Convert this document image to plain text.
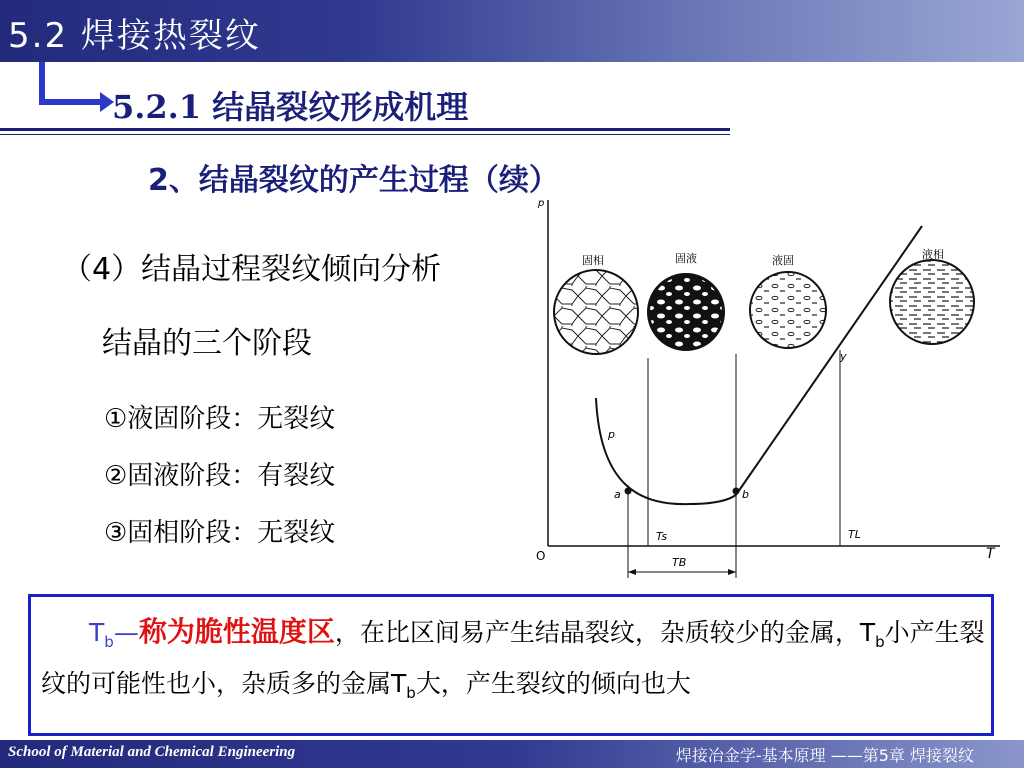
5.2 焊接热裂纹
5.2.1 结晶裂纹形成机理
2、结晶裂纹的产生过程（续）
（4）结晶过程裂纹倾向分析
结晶的三个阶段
①液固阶段：无裂纹
②固液阶段：有裂纹
③固相阶段：无裂纹
p
T
O
固相	固液	液固	液相
p
y
a	b
Ts	TL
TB
$T_b—$称为脆性温度区，在比区间易产生结晶裂纹，杂质较少的金属，$T_b$小产生裂纹的可能性也小，杂质多的金属$T_b$大，产生裂纹的倾向也大
School of Material and Chemical Engineering	焊接冶金学-基本原理 ——第5章 焊接裂纹
